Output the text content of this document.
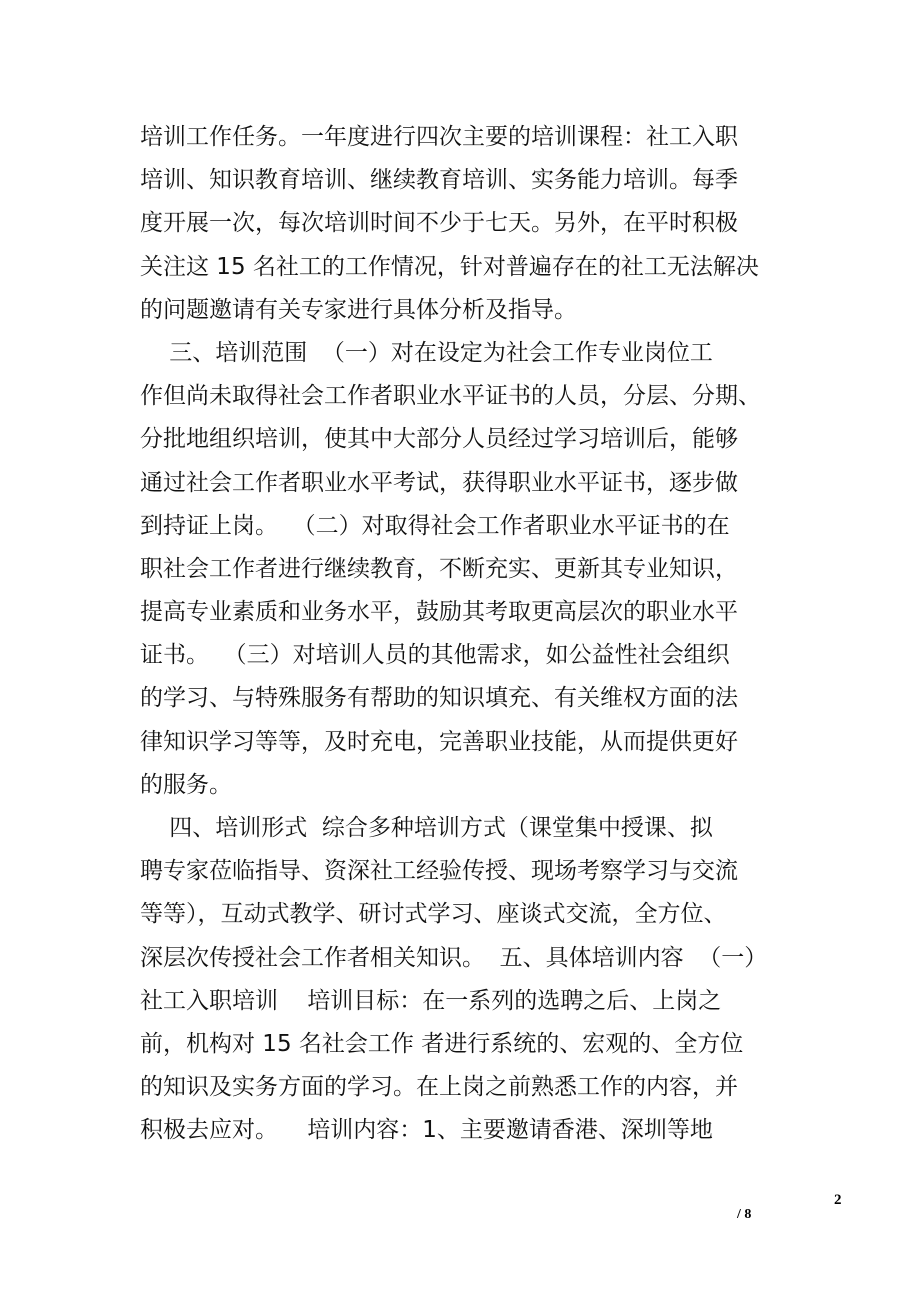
培训工作任务。一年度进行四次主要的培训课程：社工入职
培训、知识教育培训、继续教育培训、实务能力培训。每季
度开展一次，每次培训时间不少于七天。另外，在平时积极
关注这 15 名社工的工作情况，针对普遍存在的社工无法解决
的问题邀请有关专家进行具体分析及指导。
三、培训范围  （一）对在设定为社会工作专业岗位工
作但尚未取得社会工作者职业水平证书的人员，分层、分期、
分批地组织培训，使其中大部分人员经过学习培训后，能够
通过社会工作者职业水平考试，获得职业水平证书，逐步做
到持证上岗。  （二）对取得社会工作者职业水平证书的在
职社会工作者进行继续教育，不断充实、更新其专业知识，
提高专业素质和业务水平，鼓励其考取更高层次的职业水平
证书。  （三）对培训人员的其他需求，如公益性社会组织
的学习、与特殊服务有帮助的知识填充、有关维权方面的法
律知识学习等等，及时充电，完善职业技能，从而提供更好
的服务。
四、培训形式  综合多种培训方式（课堂集中授课、拟
聘专家莅临指导、资深社工经验传授、现场考察学习与交流
等等），互动式教学、研讨式学习、座谈式交流，全方位、
深层次传授社会工作者相关知识。  五、具体培训内容  （一）
社工入职培训    培训目标：在一系列的选聘之后、上岗之
前，机构对 15 名社会工作 者进行系统的、宏观的、全方位
的知识及实务方面的学习。在上岗之前熟悉工作的内容，并
积极去应对。    培训内容：1、主要邀请香港、深圳等地
2
/ 8
